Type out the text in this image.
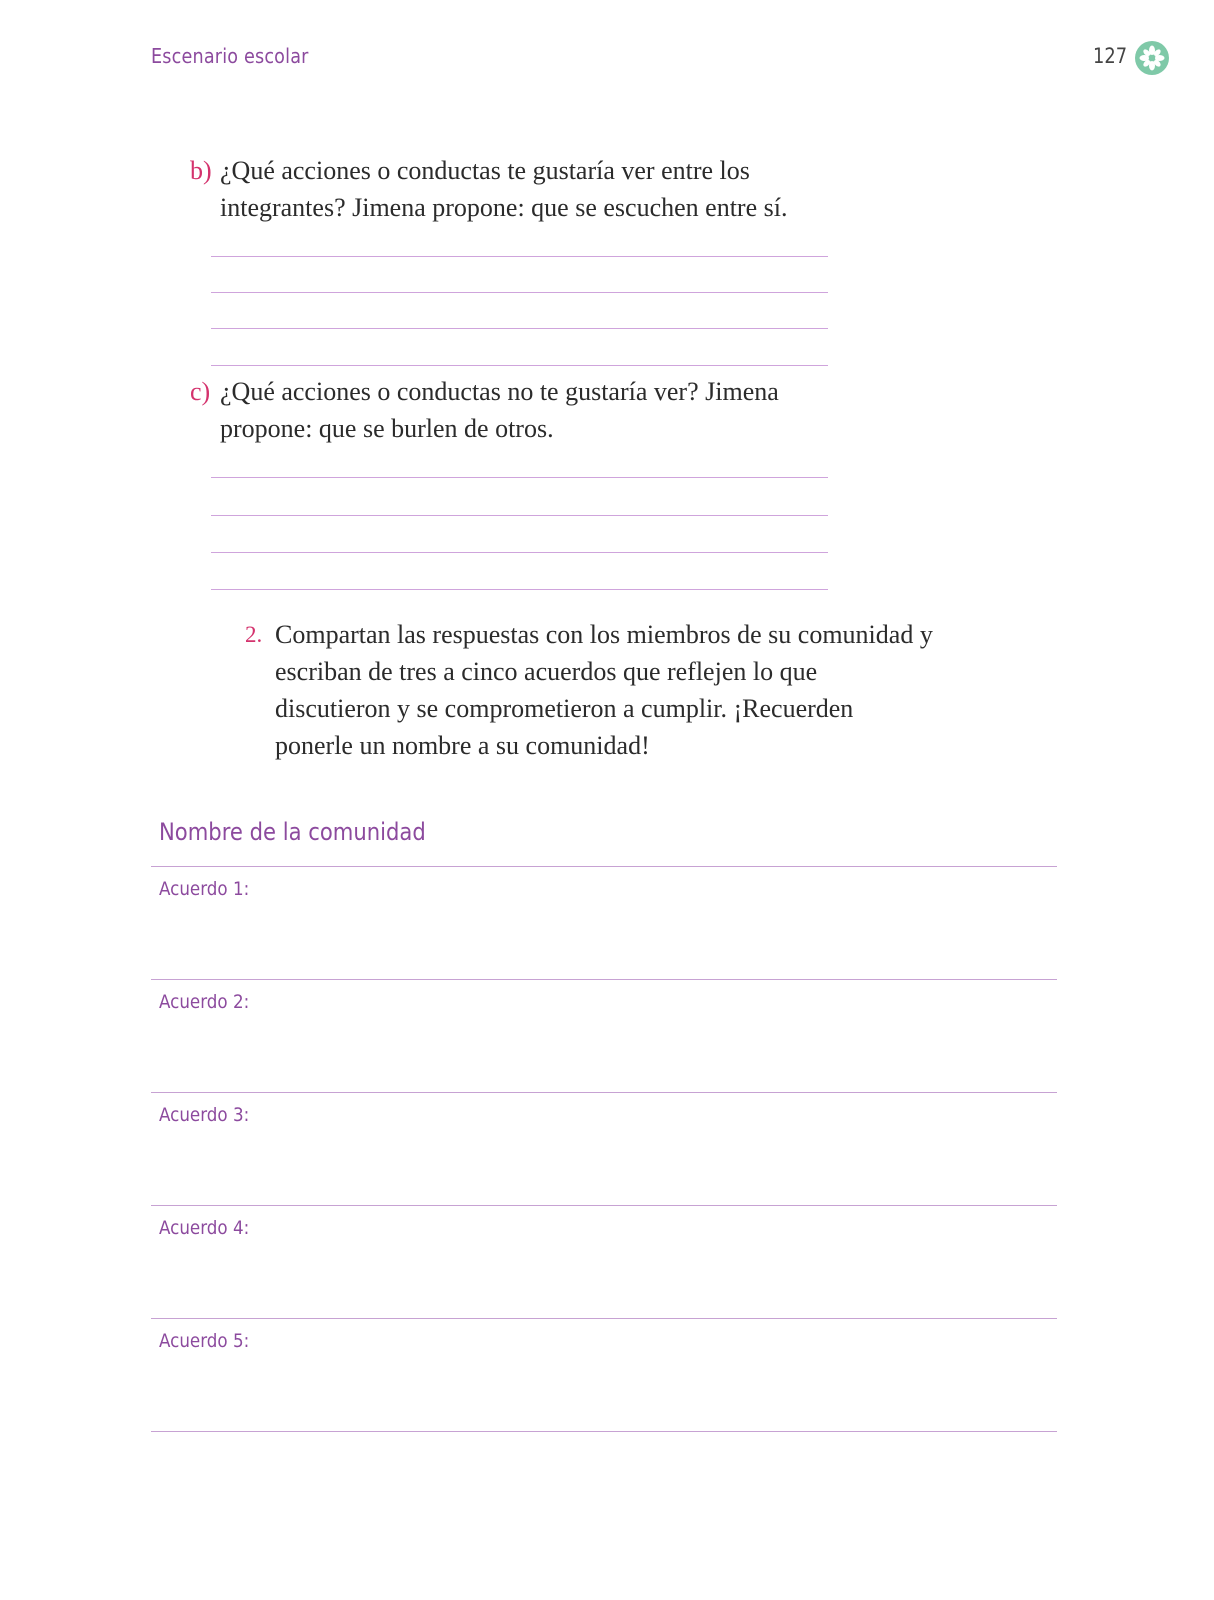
Escenario escolar	127
b) ¿Qué acciones o conductas te gustaría ver entre los integrantes? Jimena propone: que se escuchen entre sí.
c) ¿Qué acciones o conductas no te gustaría ver? Jimena propone: que se burlen de otros.
2. Compartan las respuestas con los miembros de su comunidad y escriban de tres a cinco acuerdos que reflejen lo que discutieron y se comprometieron a cumplir. ¡Recuerden ponerle un nombre a su comunidad!
Nombre de la comunidad
Acuerdo 1:
Acuerdo 2:
Acuerdo 3:
Acuerdo 4:
Acuerdo 5:
